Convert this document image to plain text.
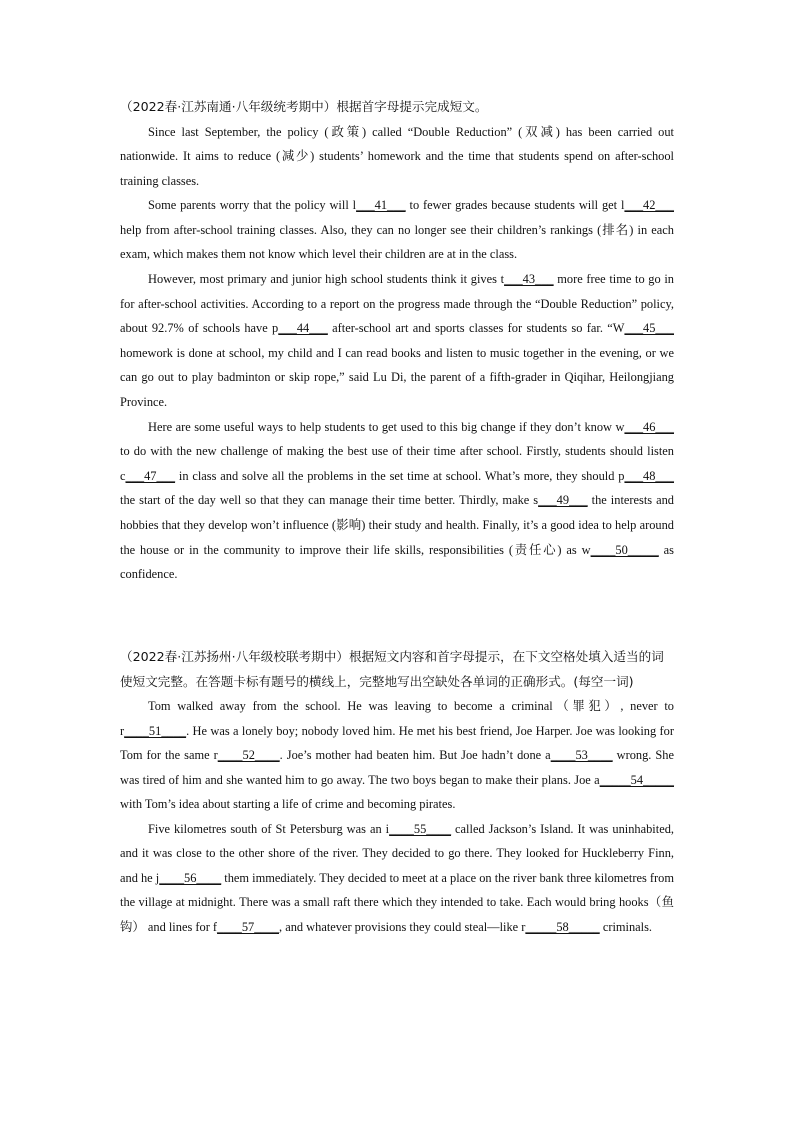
（2022春·江苏南通·八年级统考期中）根据首字母提示完成短文。

Since last September, the policy (政策) called “Double Reduction” (双减) has been carried out nationwide. It aims to reduce (减少) students’ homework and the time that students spend on after-school training classes.

Some parents worry that the policy will l___41___ to fewer grades because students will get l___42___ help from after-school training classes. Also, they can no longer see their children’s rankings (排名) in each exam, which makes them not know which level their children are at in the class.

However, most primary and junior high school students think it gives t___43___ more free time to go in for after-school activities. According to a report on the progress made through the “Double Reduction” policy, about 92.7% of schools have p___44___ after-school art and sports classes for students so far. “W___45___ homework is done at school, my child and I can read books and listen to music together in the evening, or we can go out to play badminton or skip rope,” said Lu Di, the parent of a fifth-grader in Qiqihar, Heilongjiang Province.

Here are some useful ways to help students to get used to this big change if they don’t know w___46___ to do with the new challenge of making the best use of their time after school. Firstly, students should listen c___47___ in class and solve all the problems in the set time at school. What’s more, they should p___48___ the start of the day well so that they can manage their time better. Thirdly, make s___49___ the interests and hobbies that they develop won’t influence (影响) their study and health. Finally, it’s a good idea to help around the house or in the community to improve their life skills, responsibilities (责任心) as w____50_____ as confidence.

（2022春·江苏扬州·八年级校联考期中）根据短文内容和首字母提示，在下文空格处填入适当的词使短文完整。在答题卡标有题号的横线上，完整地写出空缺处各单词的正确形式。(每空一词)

Tom walked away from the school. He was leaving to become a criminal（罪犯）, never to r____51____. He was a lonely boy; nobody loved him. He met his best friend, Joe Harper. Joe was looking for Tom for the same r____52____. Joe’s mother had beaten him. But Joe hadn’t done a____53____ wrong. She was tired of him and she wanted him to go away. The two boys began to make their plans. Joe a_____54_____ with Tom’s idea about starting a life of crime and becoming pirates.

Five kilometres south of St Petersburg was an i____55____ called Jackson’s Island. It was uninhabited, and it was close to the other shore of the river. They decided to go there. They looked for Huckleberry Finn, and he j____56____ them immediately. They decided to meet at a place on the river bank three kilometres from the village at midnight. There was a small raft there which they intended to take. Each would bring hooks（鱼钩） and lines for f____57____, and whatever provisions they could steal—like r_____58_____ criminals.
